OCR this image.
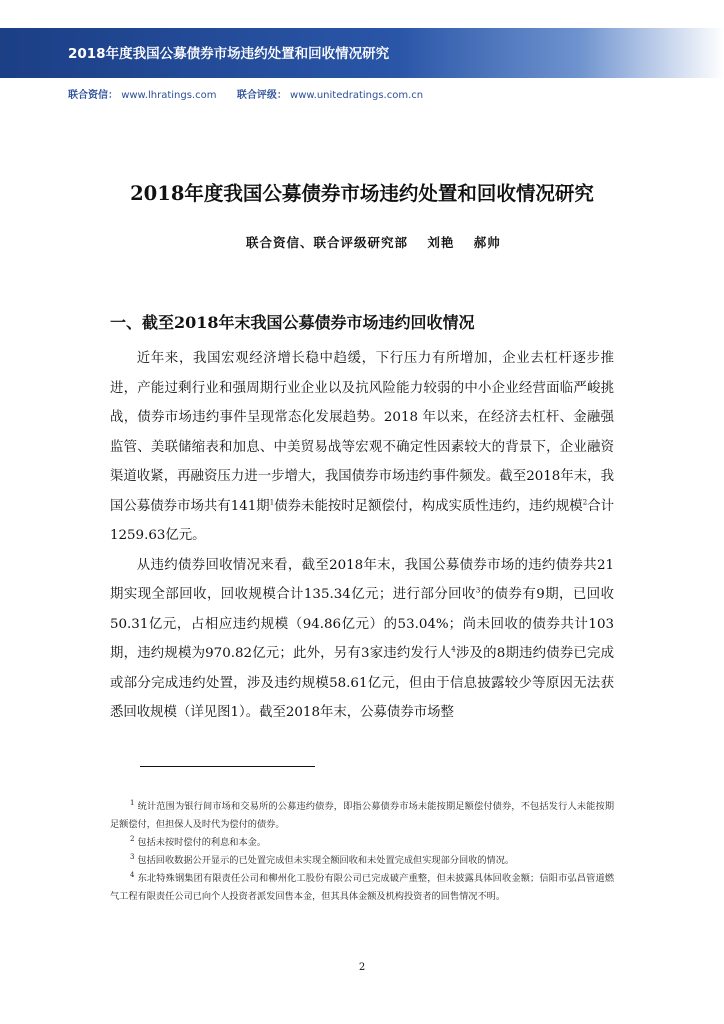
2018年度我国公募债券市场违约处置和回收情况研究
联合资信： www.lhratings.com 联合评级： www.unitedratings.com.cn
2018年度我国公募债券市场违约处置和回收情况研究
联合资信、联合评级研究部 刘艳 郝帅
一、截至2018年末我国公募债券市场违约回收情况

近年来，我国宏观经济增长稳中趋缓，下行压力有所增加，企业去杠杆逐步推进，产能过剩行业和强周期行业企业以及抗风险能力较弱的中小企业经营面临严峻挑战，债券市场违约事件呈现常态化发展趋势。2018 年以来，在经济去杠杆、金融强监管、美联储缩表和加息、中美贸易战等宏观不确定性因素较大的背景下，企业融资渠道收紧，再融资压力进一步增大，我国债券市场违约事件频发。截至2018年末，我国公募债券市场共有141期$^1$债券未能按时足额偿付，构成实质性违约，违约规模$^2$合计1259.63亿元。

从违约债券回收情况来看，截至2018年末，我国公募债券市场的违约债券共21期实现全部回收，回收规模合计135.34亿元；进行部分回收$^3$的债券有9期，已回收50.31亿元，占相应违约规模（94.86亿元）的53.04%；尚未回收的债券共计103期，违约规模为970.82亿元；此外，另有3家违约发行人$^4$涉及的8期违约债券已完成或部分完成违约处置，涉及违约规模58.61亿元，但由于信息披露较少等原因无法获悉回收规模（详见图1）。截至2018年末，公募债券市场整

$^1$ 统计范围为银行间市场和交易所的公募违约债券，即指公募债券市场未能按期足额偿付债券，不包括发行人未能按期足额偿付，但担保人及时代为偿付的债券。

$^2$ 包括未按时偿付的利息和本金。

$^3$ 包括回收数据公开显示的已处置完成但未实现全额回收和未处置完成但实现部分回收的情况。

$^4$ 东北特殊钢集团有限责任公司和柳州化工股份有限公司已完成破产重整，但未披露具体回收金额；信阳市弘昌管道燃气工程有限责任公司已向个人投资者派发回售本金，但其具体金额及机构投资者的回售情况不明。

2
